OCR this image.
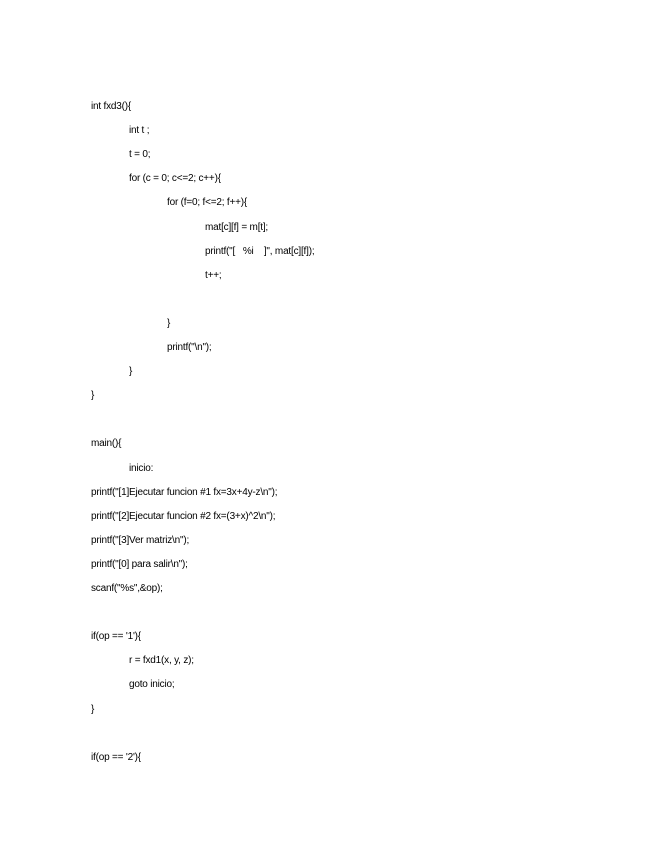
int fxd3(){

int t ;

t = 0;

for (c = 0; c<=2; c++){

for (f=0; f<=2; f++){

mat[c][f] = m[t];

printf("[   %i    ]", mat[c][f]);

t++;

}

printf("\n");

}

}

main(){

inicio:

printf("[1]Ejecutar funcion #1 fx=3x+4y-z\n");

printf("[2]Ejecutar funcion #2 fx=(3+x)^2\n");

printf("[3]Ver matriz\n");

printf("[0] para salir\n");

scanf("%s",&op);

if(op == '1'){

r = fxd1(x, y, z);

goto inicio;

}

if(op == '2'){
